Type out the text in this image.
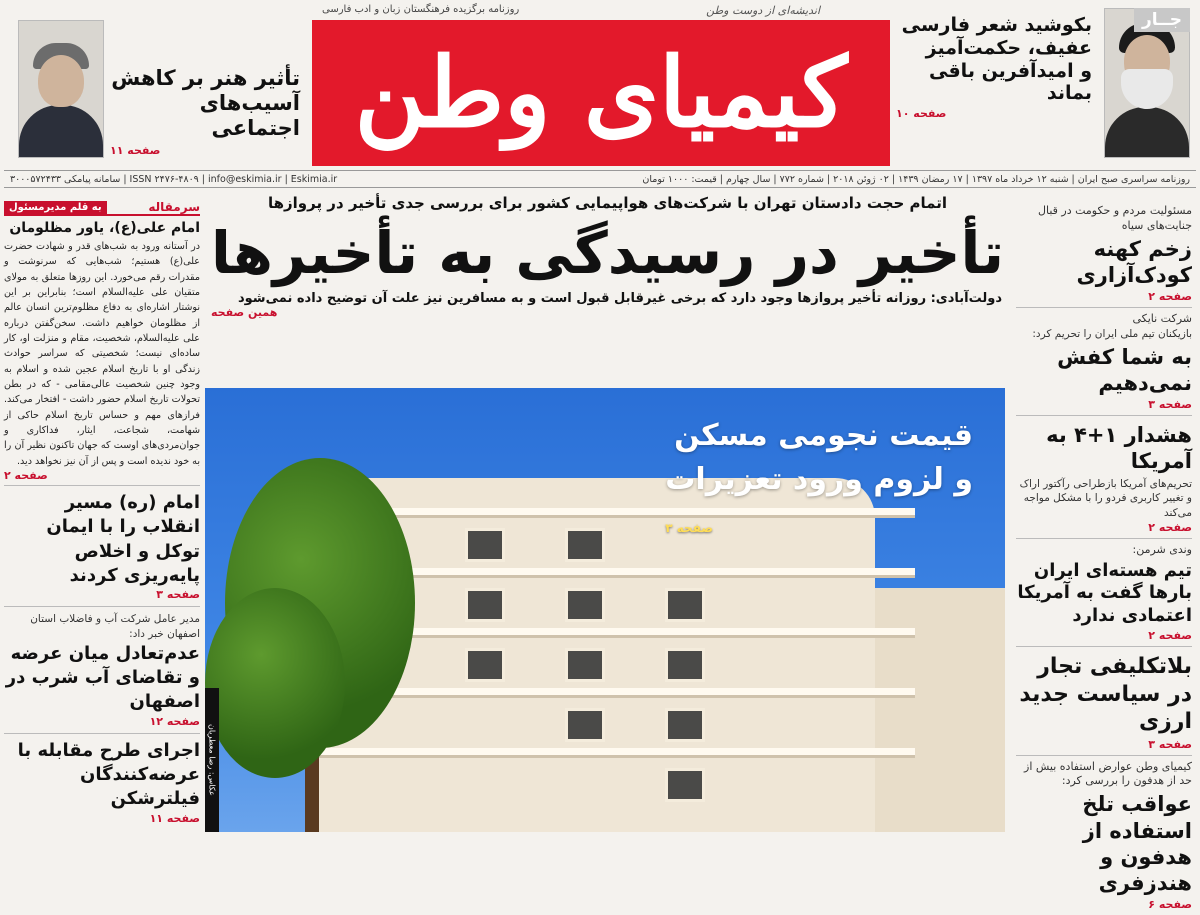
جــار
بکوشید شعر فارسی
عفیف، حکمت‌آمیز
و امیدآفرین باقی بماند
صفحه ۱۰
اندیشه‌ای از دوست وطن
روزنامه برگزیده فرهنگستان زبان و ادب فارسی
کیمیای وطن
تأثیر هنر بر کاهش
آسیب‌های اجتماعی
صفحه ۱۱
روزنامه سراسری صبح ایران | شنبه ۱۲ خرداد ماه ۱۳۹۷ | ۱۷ رمضان ۱۴۳۹ | ۰۲ ژوئن ۲۰۱۸ | شماره ۷۷۲ | سال چهارم | قیمت: ۱۰۰۰ تومان
ISSN ۲۴۷۶-۴۸۰۹ | info@eskimia.ir | Eskimia.ir | سامانه پیامکی ۳۰۰۰۵۷۲۴۳۳
مسئولیت مردم و حکومت در قبال جنایت‌های سیاه
زخم کهنه کودک‌آزاری
صفحه ۲
شرکت نایکی
بازیکنان تیم ملی ایران را تحریم کرد:
به شما کفش نمی‌دهیم
صفحه ۳
هشدار ۱+۴ به آمریکا
تحریم‌های آمریکا بازطراحی رآکتور اراک و تغییر کاربری فردو را با مشکل مواجه می‌کند
صفحه ۲
وندی شرمن:
تیم هسته‌ای ایران بارها گفت به آمریکا اعتمادی ندارد
صفحه ۲
بلاتکلیفی تجار در سیاست جدید ارزی
صفحه ۳
کیمیای وطن عوارض استفاده بیش از حد از هدفون را بررسی کرد:
عواقب تلخ استفاده از هدفون و هندزفری
صفحه ۶
سرمقاله
به قلم مدیرمسئول
امام علی(ع)، یاور مظلومان
در آستانه ورود به شب‌های قدر و شهادت حضرت علی(ع) هستیم؛ شب‌هایی که سرنوشت و مقدرات رقم می‌خورد. این روزها متعلق به مولای متقیان علی علیه‌السلام است؛ بنابراین بر این نوشتار اشاره‌ای به دفاع مظلوم‌ترین انسان عالم از مظلومان خواهیم داشت. سخن‌گفتن درباره علی علیه‌السلام، شخصیت، مقام و منزلت او، کار ساده‌ای نیست؛ شخصیتی که سراسر حوادث زندگی او با تاریخ اسلام عجین شده و اسلام به وجود چنین شخصیت عالی‌مقامی - که در بطن تحولات تاریخ اسلام حضور داشت - افتخار می‌کند. فرازهای مهم و حساس تاریخ اسلام حاکی از شهامت، شجاعت، ایثار، فداکاری و جوان‌مردی‌های اوست که جهان تاکنون نظیر آن را به خود ندیده است و پس از آن نیز نخواهد دید.
صفحه ۲
امام (ره) مسیر انقلاب را با ایمان توکل و اخلاص پایه‌ریزی کردند
صفحه ۳
مدیر عامل شرکت آب و فاضلاب استان اصفهان خبر داد:
عدم‌تعادل میان عرضه و تقاضای آب شرب در اصفهان
صفحه ۱۲
اجرای طرح مقابله با عرضه‌کنندگان فیلترشکن
صفحه ۱۱
اتمام حجت دادستان تهران با شرکت‌های هواپیمایی کشور برای بررسی جدی تأخیر در پروازها
تأخیر در رسیدگی به تأخیرها
دولت‌آبادی: روزانه تأخیر پروازها وجود دارد که برخی غیرقابل قبول است و به مسافرین نیز علت آن توضیح داده نمی‌شود
همین صفحه
قیمت نجومی مسکن
و لزوم ورود تعزیرات
صفحه ۳
عکاس: رضا معطریان
